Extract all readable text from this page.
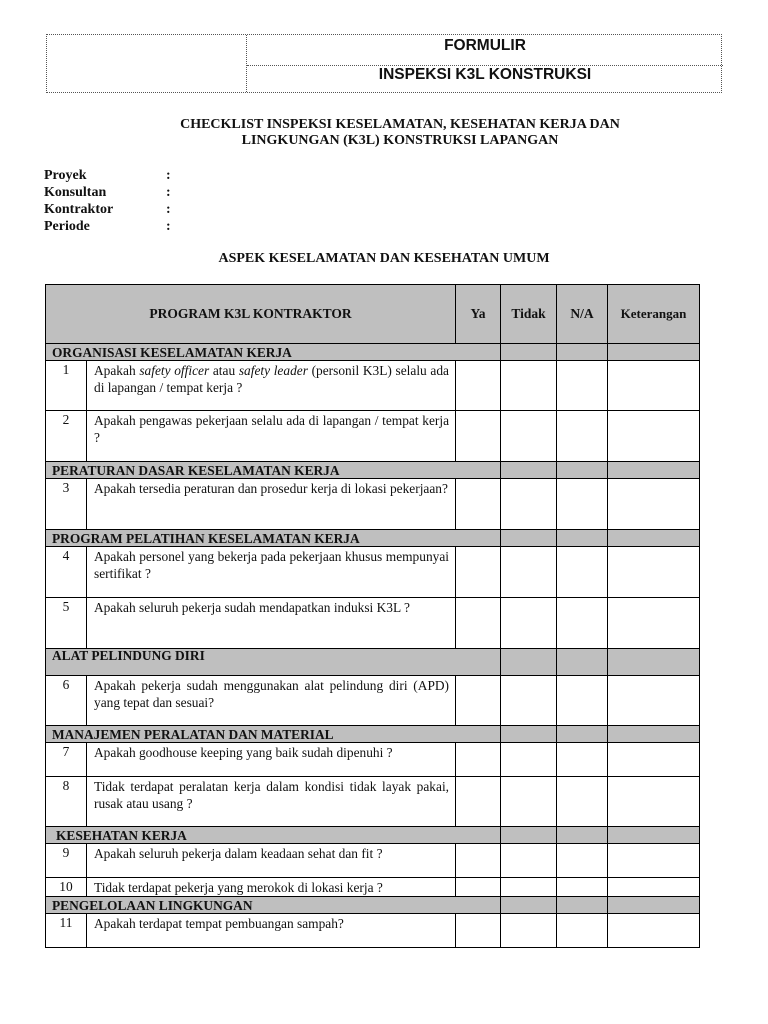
FORMULIR
INSPEKSI K3L KONSTRUKSI
CHECKLIST INSPEKSI KESELAMATAN, KESEHATAN KERJA DAN
LINGKUNGAN (K3L) KONSTRUKSI LAPANGAN
Proyek	:
Konsultan	:
Kontraktor	:
Periode	:
ASPEK KESELAMATAN DAN KESEHATAN UMUM
PROGRAM K3L KONTRAKTOR		Ya	Tidak	N/A	Keterangan
ORGANISASI KESELAMATAN KERJA					
1	Apakah safety officer atau safety leader (personil K3L) selalu ada di lapangan / tempat kerja ?				
2	Apakah pengawas pekerjaan selalu ada di lapangan / tempat kerja ?				
PERATURAN DASAR KESELAMATAN KERJA					
3	Apakah tersedia peraturan dan prosedur kerja di lokasi pekerjaan?				
PROGRAM PELATIHAN KESELAMATAN KERJA					
4	Apakah personel yang bekerja pada pekerjaan khusus mempunyai sertifikat ?				
5	Apakah seluruh pekerja sudah mendapatkan induksi K3L ?				
ALAT PELINDUNG DIRI					
6	Apakah pekerja sudah menggunakan alat pelindung diri (APD) yang tepat dan sesuai?				
MANAJEMEN PERALATAN DAN MATERIAL					
7	Apakah goodhouse keeping yang baik sudah dipenuhi ?				
8	Tidak terdapat peralatan kerja dalam kondisi tidak layak pakai, rusak atau usang ?				
KESEHATAN KERJA					
9	Apakah seluruh pekerja dalam keadaan sehat dan fit ?				
10	Tidak terdapat pekerja yang merokok di lokasi kerja ?				
PENGELOLAAN LINGKUNGAN					
11	Apakah terdapat tempat pembuangan sampah?				
